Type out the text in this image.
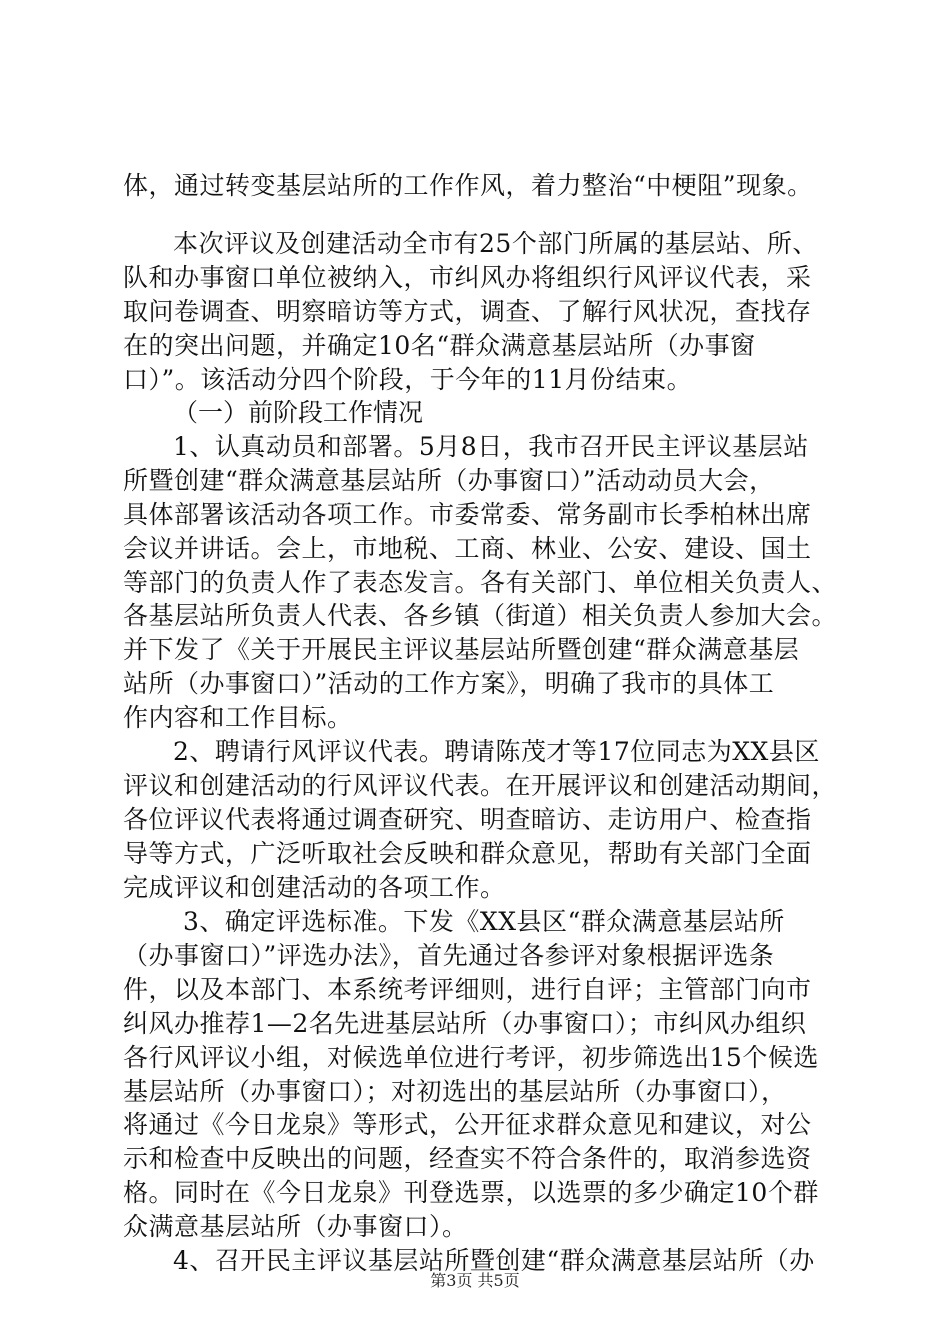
体，通过转变基层站所的工作作风，着力整治“中梗阻”现象。
本次评议及创建活动全市有25个部门所属的基层站、所、
队和办事窗口单位被纳入，市纠风办将组织行风评议代表，采
取问卷调查、明察暗访等方式，调查、了解行风状况，查找存
在的突出问题，并确定10名“群众满意基层站所（办事窗
口）”。该活动分四个阶段，于今年的11月份结束。
（一）前阶段工作情况
1、认真动员和部署。5月8日，我市召开民主评议基层站
所暨创建“群众满意基层站所（办事窗口）”活动动员大会，
具体部署该活动各项工作。市委常委、常务副市长季柏林出席
会议并讲话。会上，市地税、工商、林业、公安、建设、国土
等部门的负责人作了表态发言。各有关部门、单位相关负责人、
各基层站所负责人代表、各乡镇（街道）相关负责人参加大会。
并下发了《关于开展民主评议基层站所暨创建“群众满意基层
站所（办事窗口）”活动的工作方案》，明确了我市的具体工
作内容和工作目标。
2、聘请行风评议代表。聘请陈茂才等17位同志为XX县区
评议和创建活动的行风评议代表。在开展评议和创建活动期间，
各位评议代表将通过调查研究、明查暗访、走访用户、检查指
导等方式，广泛听取社会反映和群众意见，帮助有关部门全面
完成评议和创建活动的各项工作。
3、确定评选标准。下发《XX县区“群众满意基层站所
（办事窗口）”评选办法》，首先通过各参评对象根据评选条
件，以及本部门、本系统考评细则，进行自评；主管部门向市
纠风办推荐1—2名先进基层站所（办事窗口）；市纠风办组织
各行风评议小组，对候选单位进行考评，初步筛选出15个候选
基层站所（办事窗口）；对初选出的基层站所（办事窗口），
将通过《今日龙泉》等形式，公开征求群众意见和建议，对公
示和检查中反映出的问题，经查实不符合条件的，取消参选资
格。同时在《今日龙泉》刊登选票，以选票的多少确定10个群
众满意基层站所（办事窗口）。
4、召开民主评议基层站所暨创建“群众满意基层站所（办
第3页 共5页
